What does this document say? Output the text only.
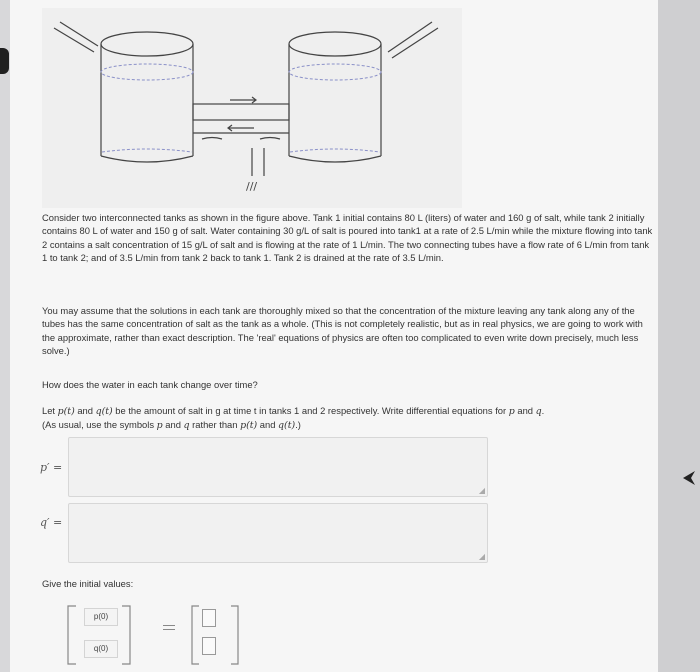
///

Consider two interconnected tanks as shown in the figure above. Tank 1 initial contains 80 L (liters) of water and 160 g of salt, while tank 2 initially contains 80 L of water and 150 g of salt. Water containing 30 g/L of salt is poured into tank1 at a rate of 2.5 L/min while the mixture flowing into tank 2 contains a salt concentration of 15 g/L of salt and is flowing at the rate of 1 L/min. The two connecting tubes have a flow rate of 6 L/min from tank 1 to tank 2; and of 3.5 L/min from tank 2 back to tank 1. Tank 2 is drained at the rate of 3.5 L/min.

You may assume that the solutions in each tank are thoroughly mixed so that the concentration of the mixture leaving any tank along any of the tubes has the same concentration of salt as the tank as a whole. (This is not completely realistic, but as in real physics, we are going to work with the approximate, rather than exact description. The 'real' equations of physics are often too complicated to even write down precisely, much less solve.)

How does the water in each tank change over time?

Let p(t) and q(t) be the amount of salt in g at time t in tanks 1 and 2 respectively. Write differential equations for p and q.
(As usual, use the symbols p and q rather than p(t) and q(t).)

p′ =
◢
q′ =
◢
Give the initial values:
p(0)
q(0)
